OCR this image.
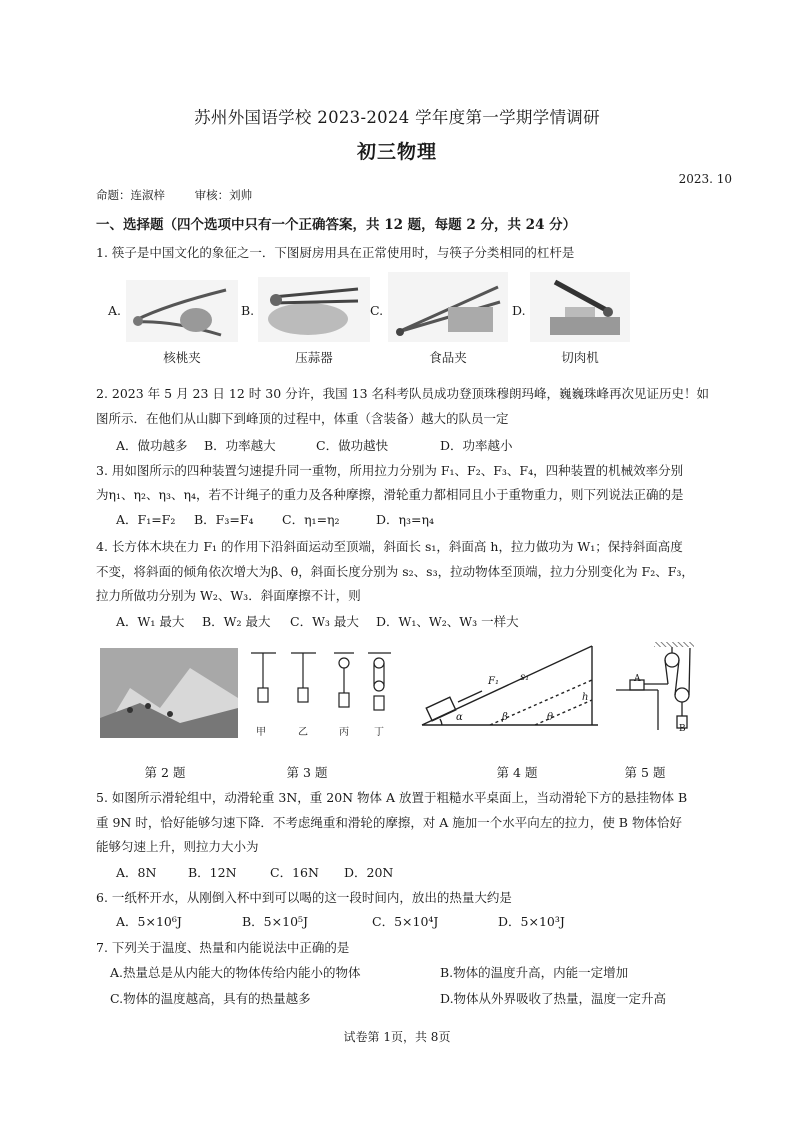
苏州外国语学校 2023-2024 学年度第一学期学情调研
初三物理
2023. 10
命题：连淑梓	审核：刘帅
一、选择题（四个选项中只有一个正确答案，共 12 题，每题 2 分，共 24 分）
1. 筷子是中国文化的象征之一．下图厨房用具在正常使用时，与筷子分类相同的杠杆是
A.
核桃夹
B.
压蒜器
C.
食品夹
D.
切肉机
2. 2023 年 5 月 23 日 12 时 30 分许，我国 13 名科考队员成功登顶珠穆朗玛峰，巍巍珠峰再次见证历史！如
图所示．在他们从山脚下到峰顶的过程中，体重（含装备）越大的队员一定
A．做功越多 B．功率越大	C．做功越快	D．功率越小
3. 用如图所示的四种装置匀速提升同一重物，所用拉力分别为 F₁、F₂、F₃、F₄，四种装置的机械效率分别
为η₁、η₂、η₃、η₄，若不计绳子的重力及各种摩擦，滑轮重力都相同且小于重物重力，则下列说法正确的是
A．F₁=F₂ B．F₃=F₄ C．η₁=η₂	D．η₃=η₄
4. 长方体木块在力 F₁ 的作用下沿斜面运动至顶端，斜面长 s₁，斜面高 h，拉力做功为 W₁；保持斜面高度
不变，将斜面的倾角依次增大为β、θ，斜面长度分别为 s₂、s₃，拉动物体至顶端，拉力分别变化为 F₂、F₃，
拉力所做功分别为 W₂、W₃．斜面摩擦不计，则
A．W₁ 最大 B．W₂ 最大 C．W₃ 最大 D．W₁、W₂、W₃ 一样大
甲	乙	丙	丁
F₁ s₁
h
α	β	θ
A
B
第 2 题	第 3 题	第 4 题	第 5 题
5. 如图所示滑轮组中，动滑轮重 3N，重 20N 物体 A 放置于粗糙水平桌面上，当动滑轮下方的悬挂物体 B
重 9N 时，恰好能够匀速下降．不考虑绳重和滑轮的摩擦，对 A 施加一个水平向左的拉力，使 B 物体恰好
能够匀速上升，则拉力大小为
A．8N	B．12N	C．16N D．20N
6. 一纸杯开水，从刚倒入杯中到可以喝的这一段时间内，放出的热量大约是
A．5×10⁶J	B．5×10⁵J	C．5×10⁴J	D．5×10³J
7. 下列关于温度、热量和内能说法中正确的是
A.热量总是从内能大的物体传给内能小的物体	B.物体的温度升高，内能一定增加
C.物体的温度越高，具有的热量越多	D.物体从外界吸收了热量，温度一定升高
试卷第 1页，共 8页
